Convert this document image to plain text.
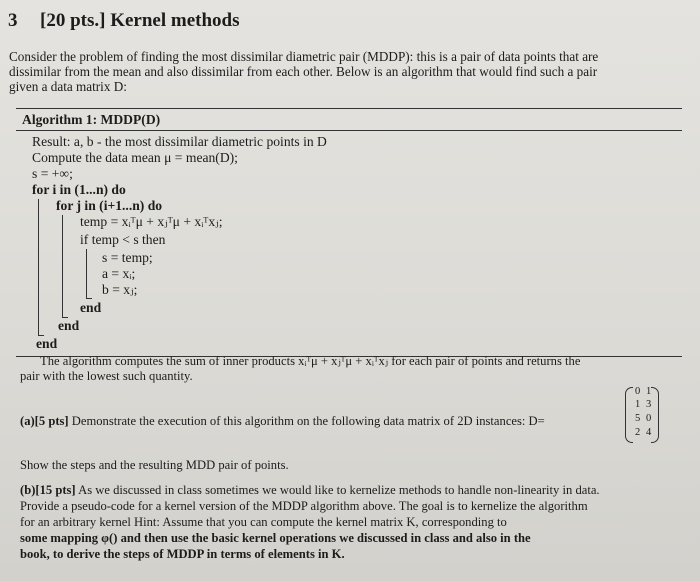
3 [20 pts.] Kernel methods
Consider the problem of finding the most dissimilar diametric pair (MDDP): this is a pair of data points that are
dissimilar from the mean and also dissimilar from each other. Below is an algorithm that would find such a pair
given a data matrix D:
Algorithm 1: MDDP(D)
Result: a, b - the most dissimilar diametric points in D
Compute the data mean μ = mean(D);
s = +∞;
for i in (1...n) do
for j in (i+1...n) do
temp = xᵢᵀμ + xⱼᵀμ + xᵢᵀxⱼ;
if temp < s then
s = temp;
a = xᵢ;
b = xⱼ;
end
end
end
The algorithm computes the sum of inner products xᵢᵀμ + xⱼᵀμ + xᵢᵀxⱼ for each pair of points and returns the
pair with the lowest such quantity.
(a)[5 pts] Demonstrate the execution of this algorithm on the following data matrix of 2D instances: D=
0 1
1 3
5 0
2 4
Show the steps and the resulting MDD pair of points.
(b)[15 pts] As we discussed in class sometimes we would like to kernelize methods to handle non-linearity in data.
Provide a pseudo-code for a kernel version of the MDDP algorithm above. The goal is to kernelize the algorithm
for an arbitrary kernel Hint: Assume that you can compute the kernel matrix K, corresponding to
some mapping φ() and then use the basic kernel operations we discussed in class and also in the
book, to derive the steps of MDDP in terms of elements in K.
